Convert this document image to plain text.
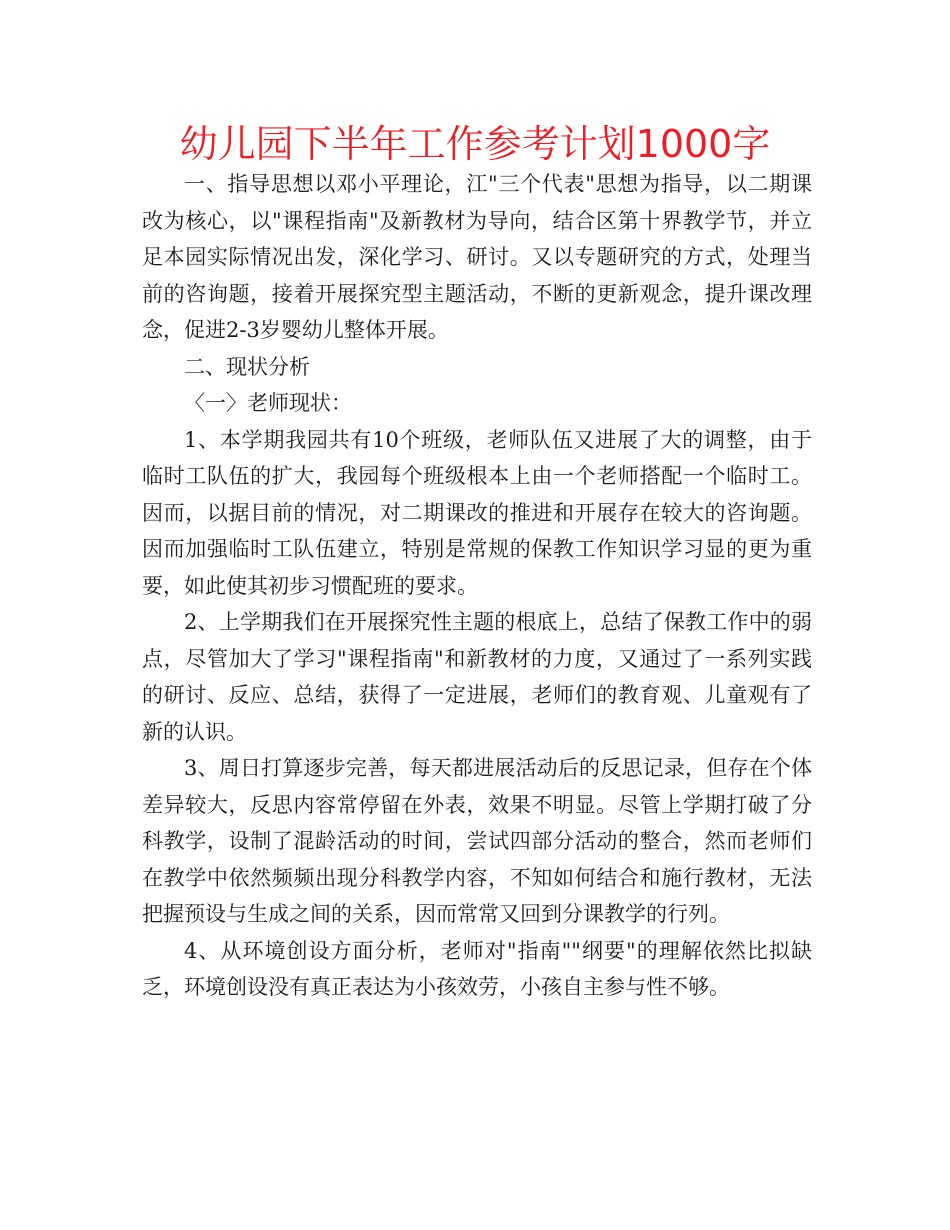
幼儿园下半年工作参考计划1000字

一、指导思想以邓小平理论，江"三个代表"思想为指导，以二期课改为核心，以"课程指南"及新教材为导向，结合区第十界教学节，并立足本园实际情况出发，深化学习、研讨。又以专题研究的方式，处理当前的咨询题，接着开展探究型主题活动，不断的更新观念，提升课改理念，促进2-3岁婴幼儿整体开展。

二、现状分析

〈一〉老师现状：

1、本学期我园共有10个班级，老师队伍又进展了大的调整，由于临时工队伍的扩大，我园每个班级根本上由一个老师搭配一个临时工。因而，以据目前的情况，对二期课改的推进和开展存在较大的咨询题。因而加强临时工队伍建立，特别是常规的保教工作知识学习显的更为重要，如此使其初步习惯配班的要求。

2、上学期我们在开展探究性主题的根底上，总结了保教工作中的弱点，尽管加大了学习"课程指南"和新教材的力度，又通过了一系列实践的研讨、反应、总结，获得了一定进展，老师们的教育观、儿童观有了新的认识。

3、周日打算逐步完善，每天都进展活动后的反思记录，但存在个体差异较大，反思内容常停留在外表，效果不明显。尽管上学期打破了分科教学，设制了混龄活动的时间，尝试四部分活动的整合，然而老师们在教学中依然频频出现分科教学内容，不知如何结合和施行教材，无法把握预设与生成之间的关系，因而常常又回到分课教学的行列。

4、从环境创设方面分析，老师对"指南""纲要"的理解依然比拟缺乏，环境创设没有真正表达为小孩效劳，小孩自主参与性不够。
